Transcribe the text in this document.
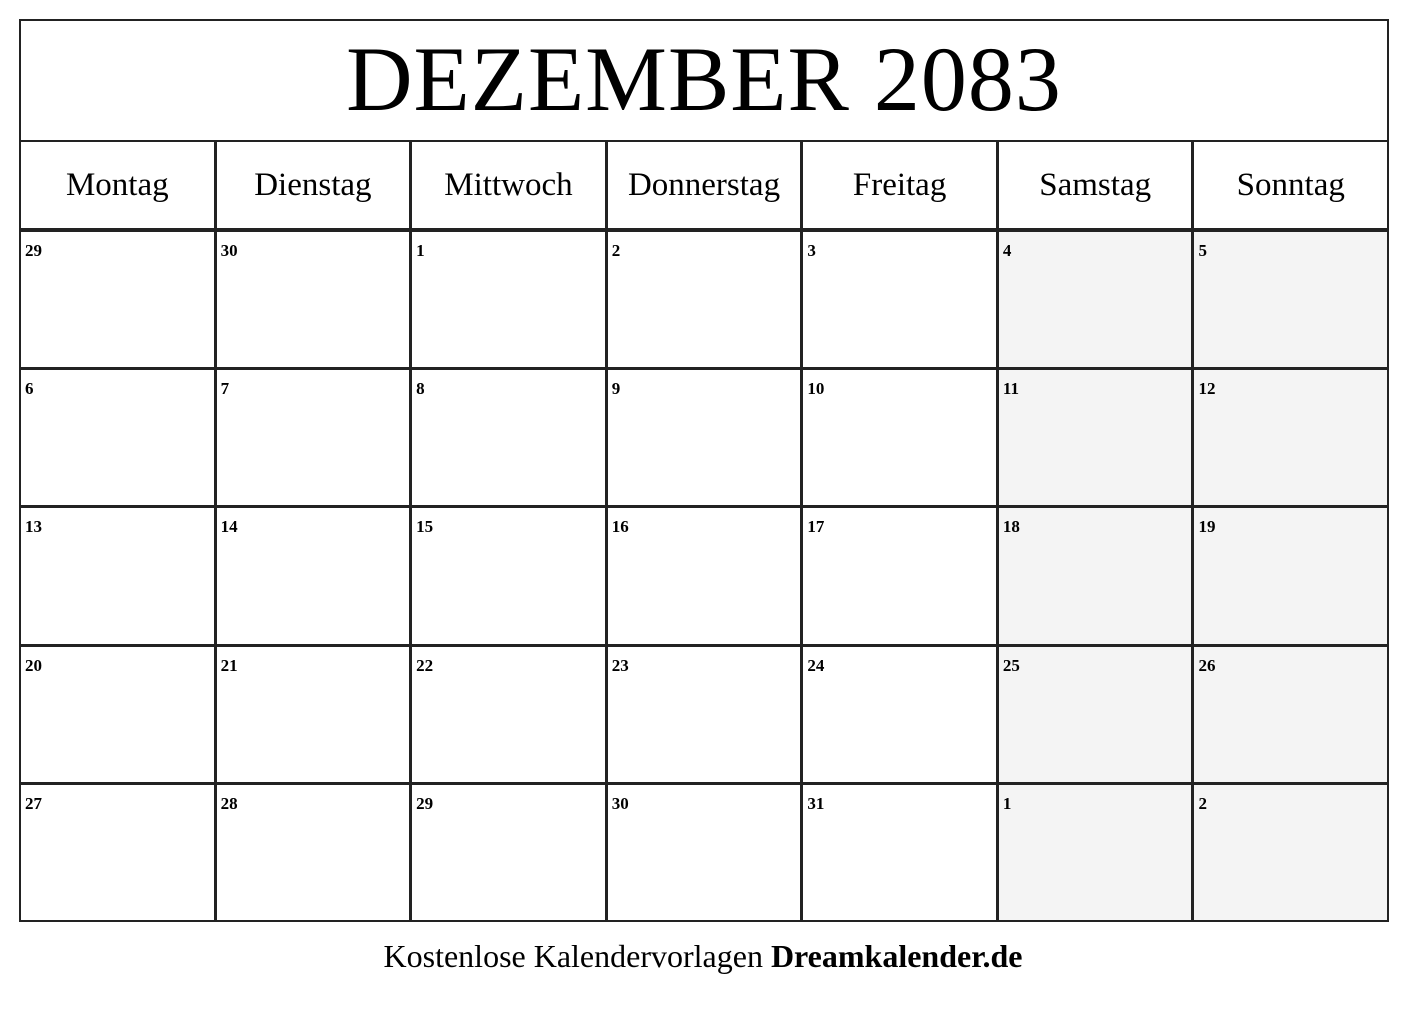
DEZEMBER 2083
Montag	Dienstag	Mittwoch	Donnerstag	Freitag	Samstag	Sonntag
29	30	1	2	3	4	5
6	7	8	9	10	11	12
13	14	15	16	17	18	19
20	21	22	23	24	25	26
27	28	29	30	31	1	2
Kostenlose Kalendervorlagen Dreamkalender.de
